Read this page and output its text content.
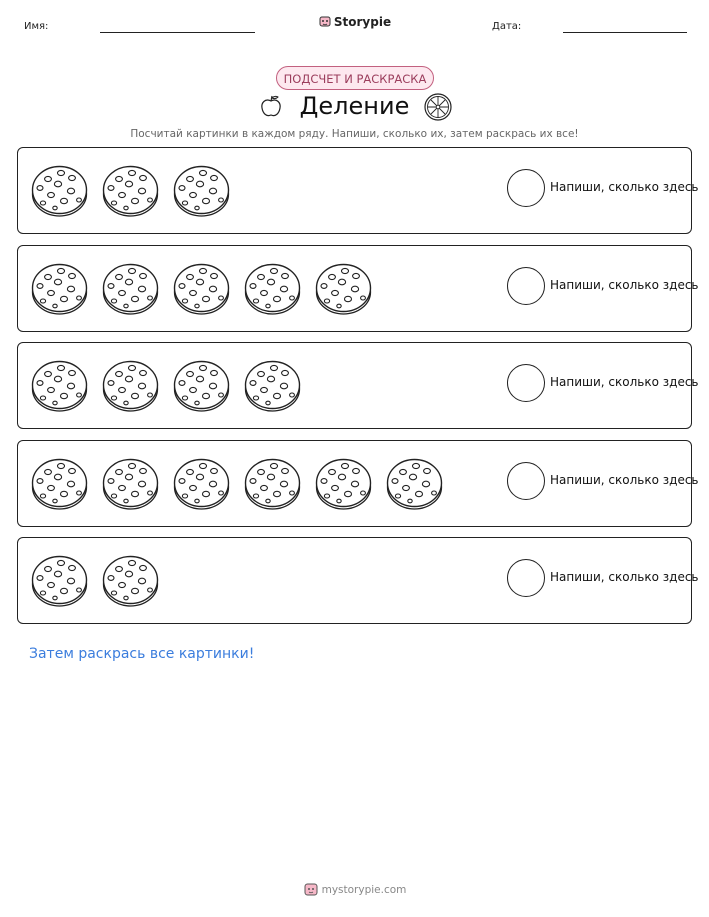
Имя:	Storypie	Дата:
ПОДСЧЕТ И РАСКРАСКА
Деление
Посчитай картинки в каждом ряду. Напиши, сколько их, затем раскрась их все!
Напиши, сколько здесь
Напиши, сколько здесь
Напиши, сколько здесь
Напиши, сколько здесь
Напиши, сколько здесь
Затем раскрась все картинки!
mystorypie.com
